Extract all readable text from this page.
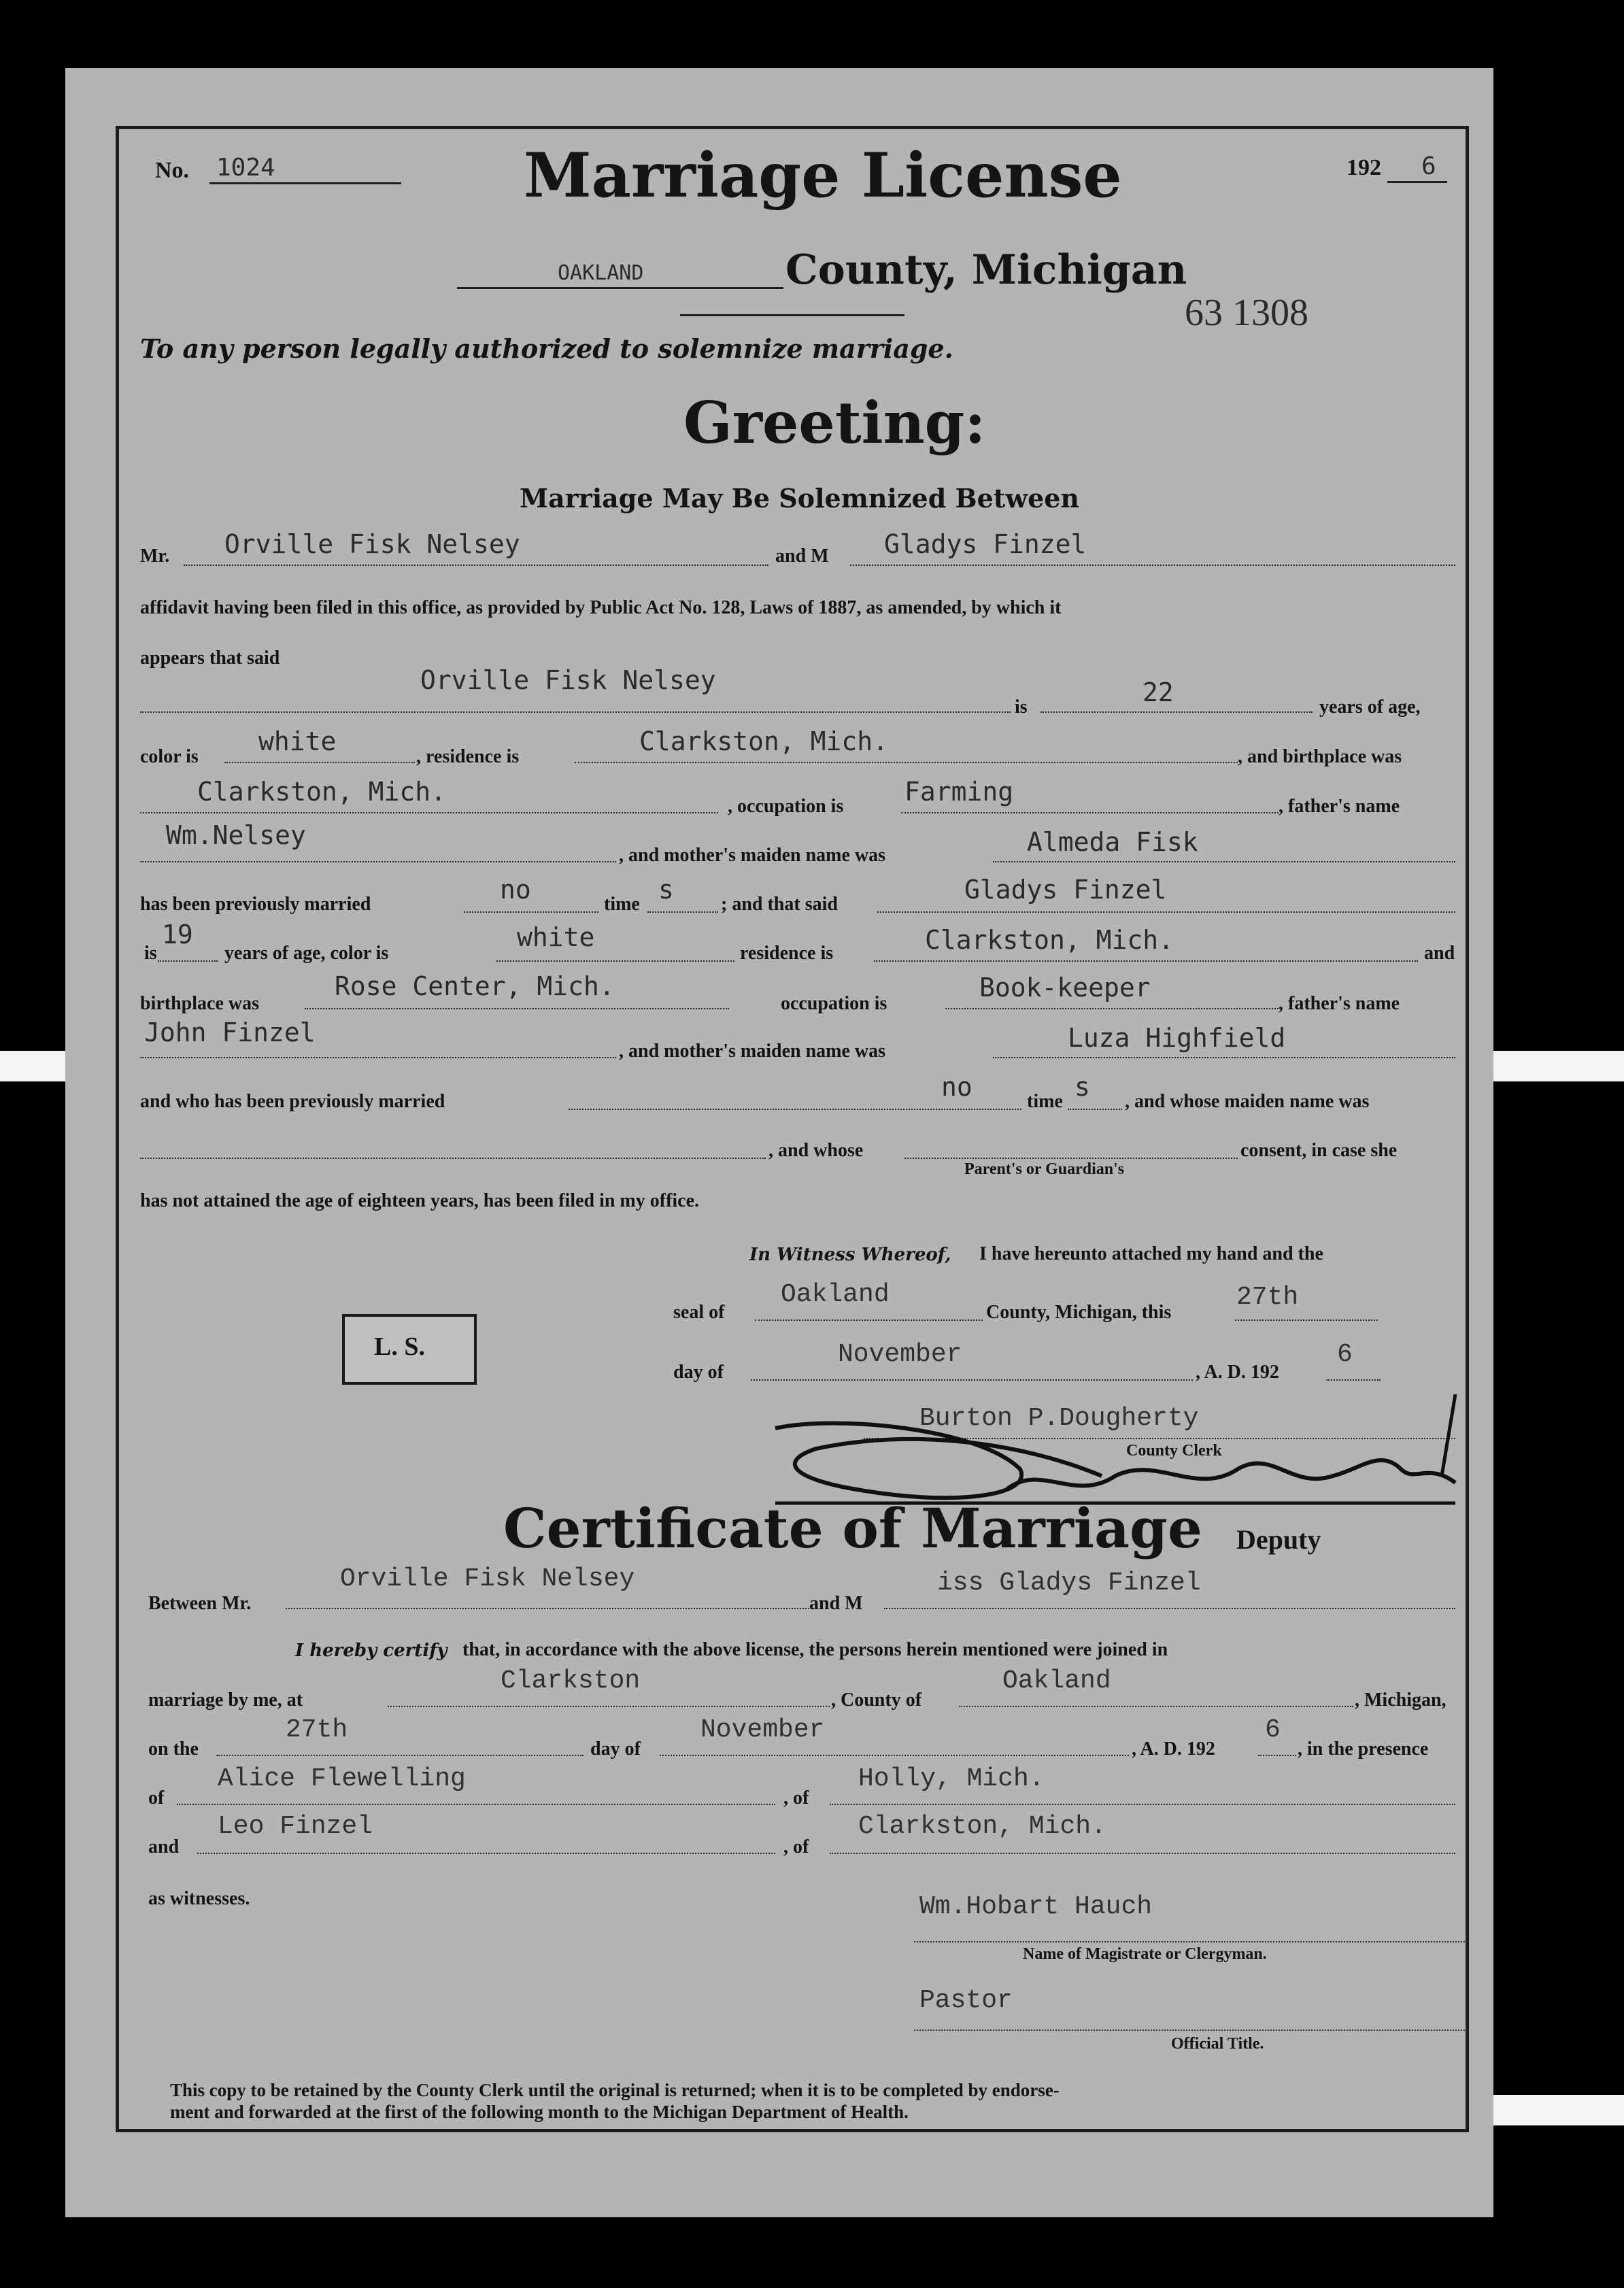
No. 1024	Marriage License	192 6
OAKLAND	County, Michigan
63 1308
To any person legally authorized to solemnize marriage.
Greeting:
Marriage May Be Solemnized Between
Mr. Orville Fisk Nelsey	and M Gladys Finzel
affidavit having been filed in this office, as provided by Public Act No. 128, Laws of 1887, as amended, by which it
appears that said
Orville Fisk Nelsey
is	22	years of age,
color is
white
, residence is
Clarkston, Mich.
, and birthplace was
Clarkston, Mich.	, occupation is Farming	, father's name
Wm.Nelsey
, and mother's maiden name was	Almeda Fisk
has been previously married	no	time s ; and that said	Gladys Finzel
is
19
years of age, color is
white
residence is	Clarkston, Mich.	and
birthplace was
Rose Center, Mich.
occupation is
Book-keeper
, father's name
John Finzel
, and mother's maiden name was	Luza Highfield
and who has been previously married	no	time s , and whose maiden name was
, and whose	consent, in case she
Parent's or Guardian's
has not attained the age of eighteen years, has been filed in my office.
In Witness Whereof, I have hereunto attached my hand and the
seal of
Oakland
County, Michigan, this
27th
L. S.
day of
November
, A. D. 192
6
Burton P.Dougherty
County Clerk
Deputy
Certificate of Marriage
Between Mr.
Orville Fisk Nelsey
and M
iss Gladys Finzel
I hereby certify that, in accordance with the above license, the persons herein mentioned were joined in
marriage by me, at
Clarkston
, County of
Oakland
, Michigan,
on the
27th
day of
November
, A. D. 192
6
, in the presence
of
Alice Flewelling
, of
Holly, Mich.
and
Leo Finzel
, of
Clarkston, Mich.
as witnesses.	Wm.Hobart Hauch
Name of Magistrate or Clergyman.
Pastor
Official Title.
This copy to be retained by the County Clerk until the original is returned; when it is to be completed by endorse-
ment and forwarded at the first of the following month to the Michigan Department of Health.
